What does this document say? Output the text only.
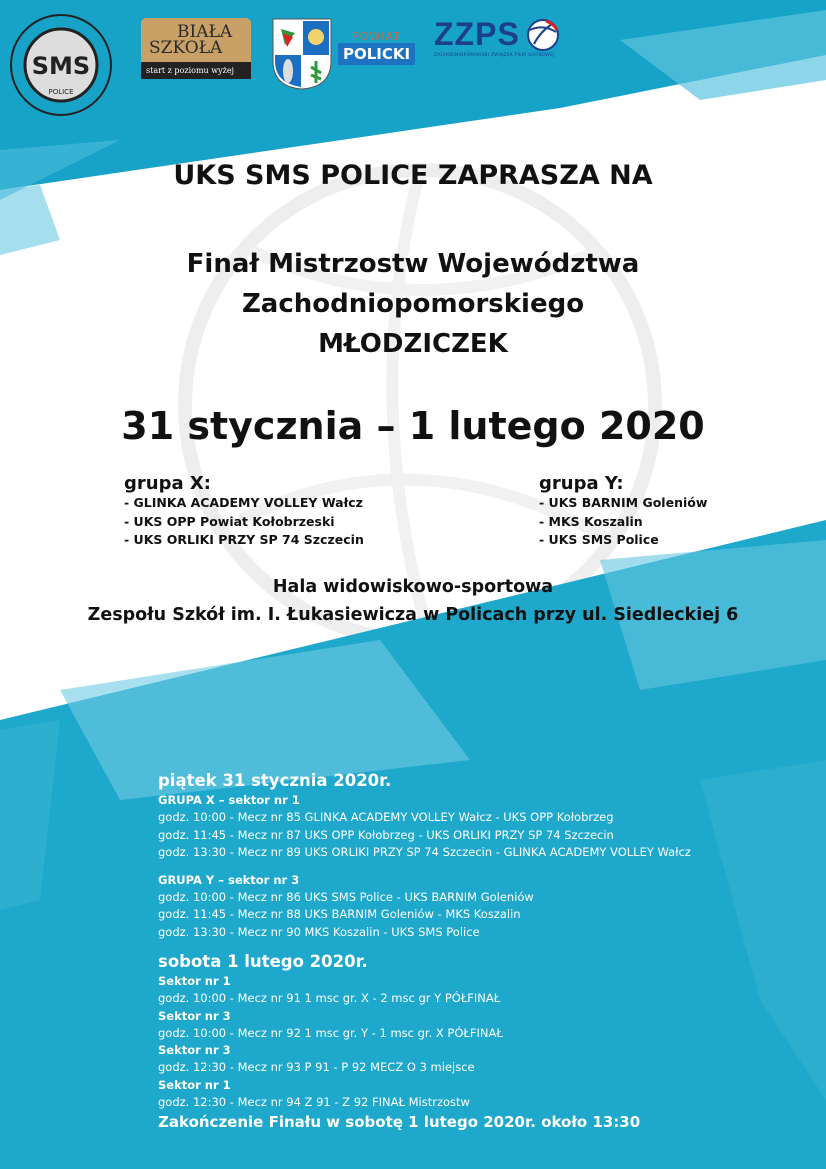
SMS
POLICE
BIAŁA
SZKOŁA
start z poziomu wyżej
POWIAT
POLICKI
ZZPS
ZACHODNIOPOMORSKI ZWIĄZEK PIŁKI SIATKOWEJ
UKS SMS POLICE ZAPRASZA NA
Finał Mistrzostw Województwa
Zachodniopomorskiego
MŁODZICZEK
31 stycznia – 1 lutego 2020
grupa X:
- GLINKA ACADEMY VOLLEY Wałcz
- UKS OPP Powiat Kołobrzeski
- UKS ORLIKI PRZY SP 74 Szczecin
grupa Y:
- UKS BARNIM Goleniów
- MKS Koszalin
- UKS SMS Police
Hala widowiskowo-sportowa
Zespołu Szkół im. I. Łukasiewicza w Policach przy ul. Siedleckiej 6
piątek 31 stycznia 2020r.
GRUPA X – sektor nr 1
godz. 10:00 - Mecz nr 85 GLINKA ACADEMY VOLLEY Wałcz - UKS OPP Kołobrzeg
godz. 11:45 - Mecz nr 87 UKS OPP Kołobrzeg - UKS ORLIKI PRZY SP 74 Szczecin
godz. 13:30 - Mecz nr 89 UKS ORLIKI PRZY SP 74 Szczecin - GLINKA ACADEMY VOLLEY Wałcz
GRUPA Y – sektor nr 3
godz. 10:00 - Mecz nr 86 UKS SMS Police - UKS BARNIM Goleniów
godz. 11:45 - Mecz nr 88 UKS BARNIM Goleniów - MKS Koszalin
godz. 13:30 - Mecz nr 90 MKS Koszalin - UKS SMS Police
sobota 1 lutego 2020r.
Sektor nr 1
godz. 10:00 - Mecz nr 91 1 msc gr. X - 2 msc gr Y PÓŁFINAŁ
Sektor nr 3
godz. 10:00 - Mecz nr 92 1 msc gr. Y - 1 msc gr. X PÓŁFINAŁ
Sektor nr 3
godz. 12:30 - Mecz nr 93 P 91 - P 92 MECZ O 3 miejsce
Sektor nr 1
godz. 12:30 - Mecz nr 94 Z 91 - Z 92 FINAŁ Mistrzostw
Zakończenie Finału w sobotę 1 lutego 2020r. około 13:30
